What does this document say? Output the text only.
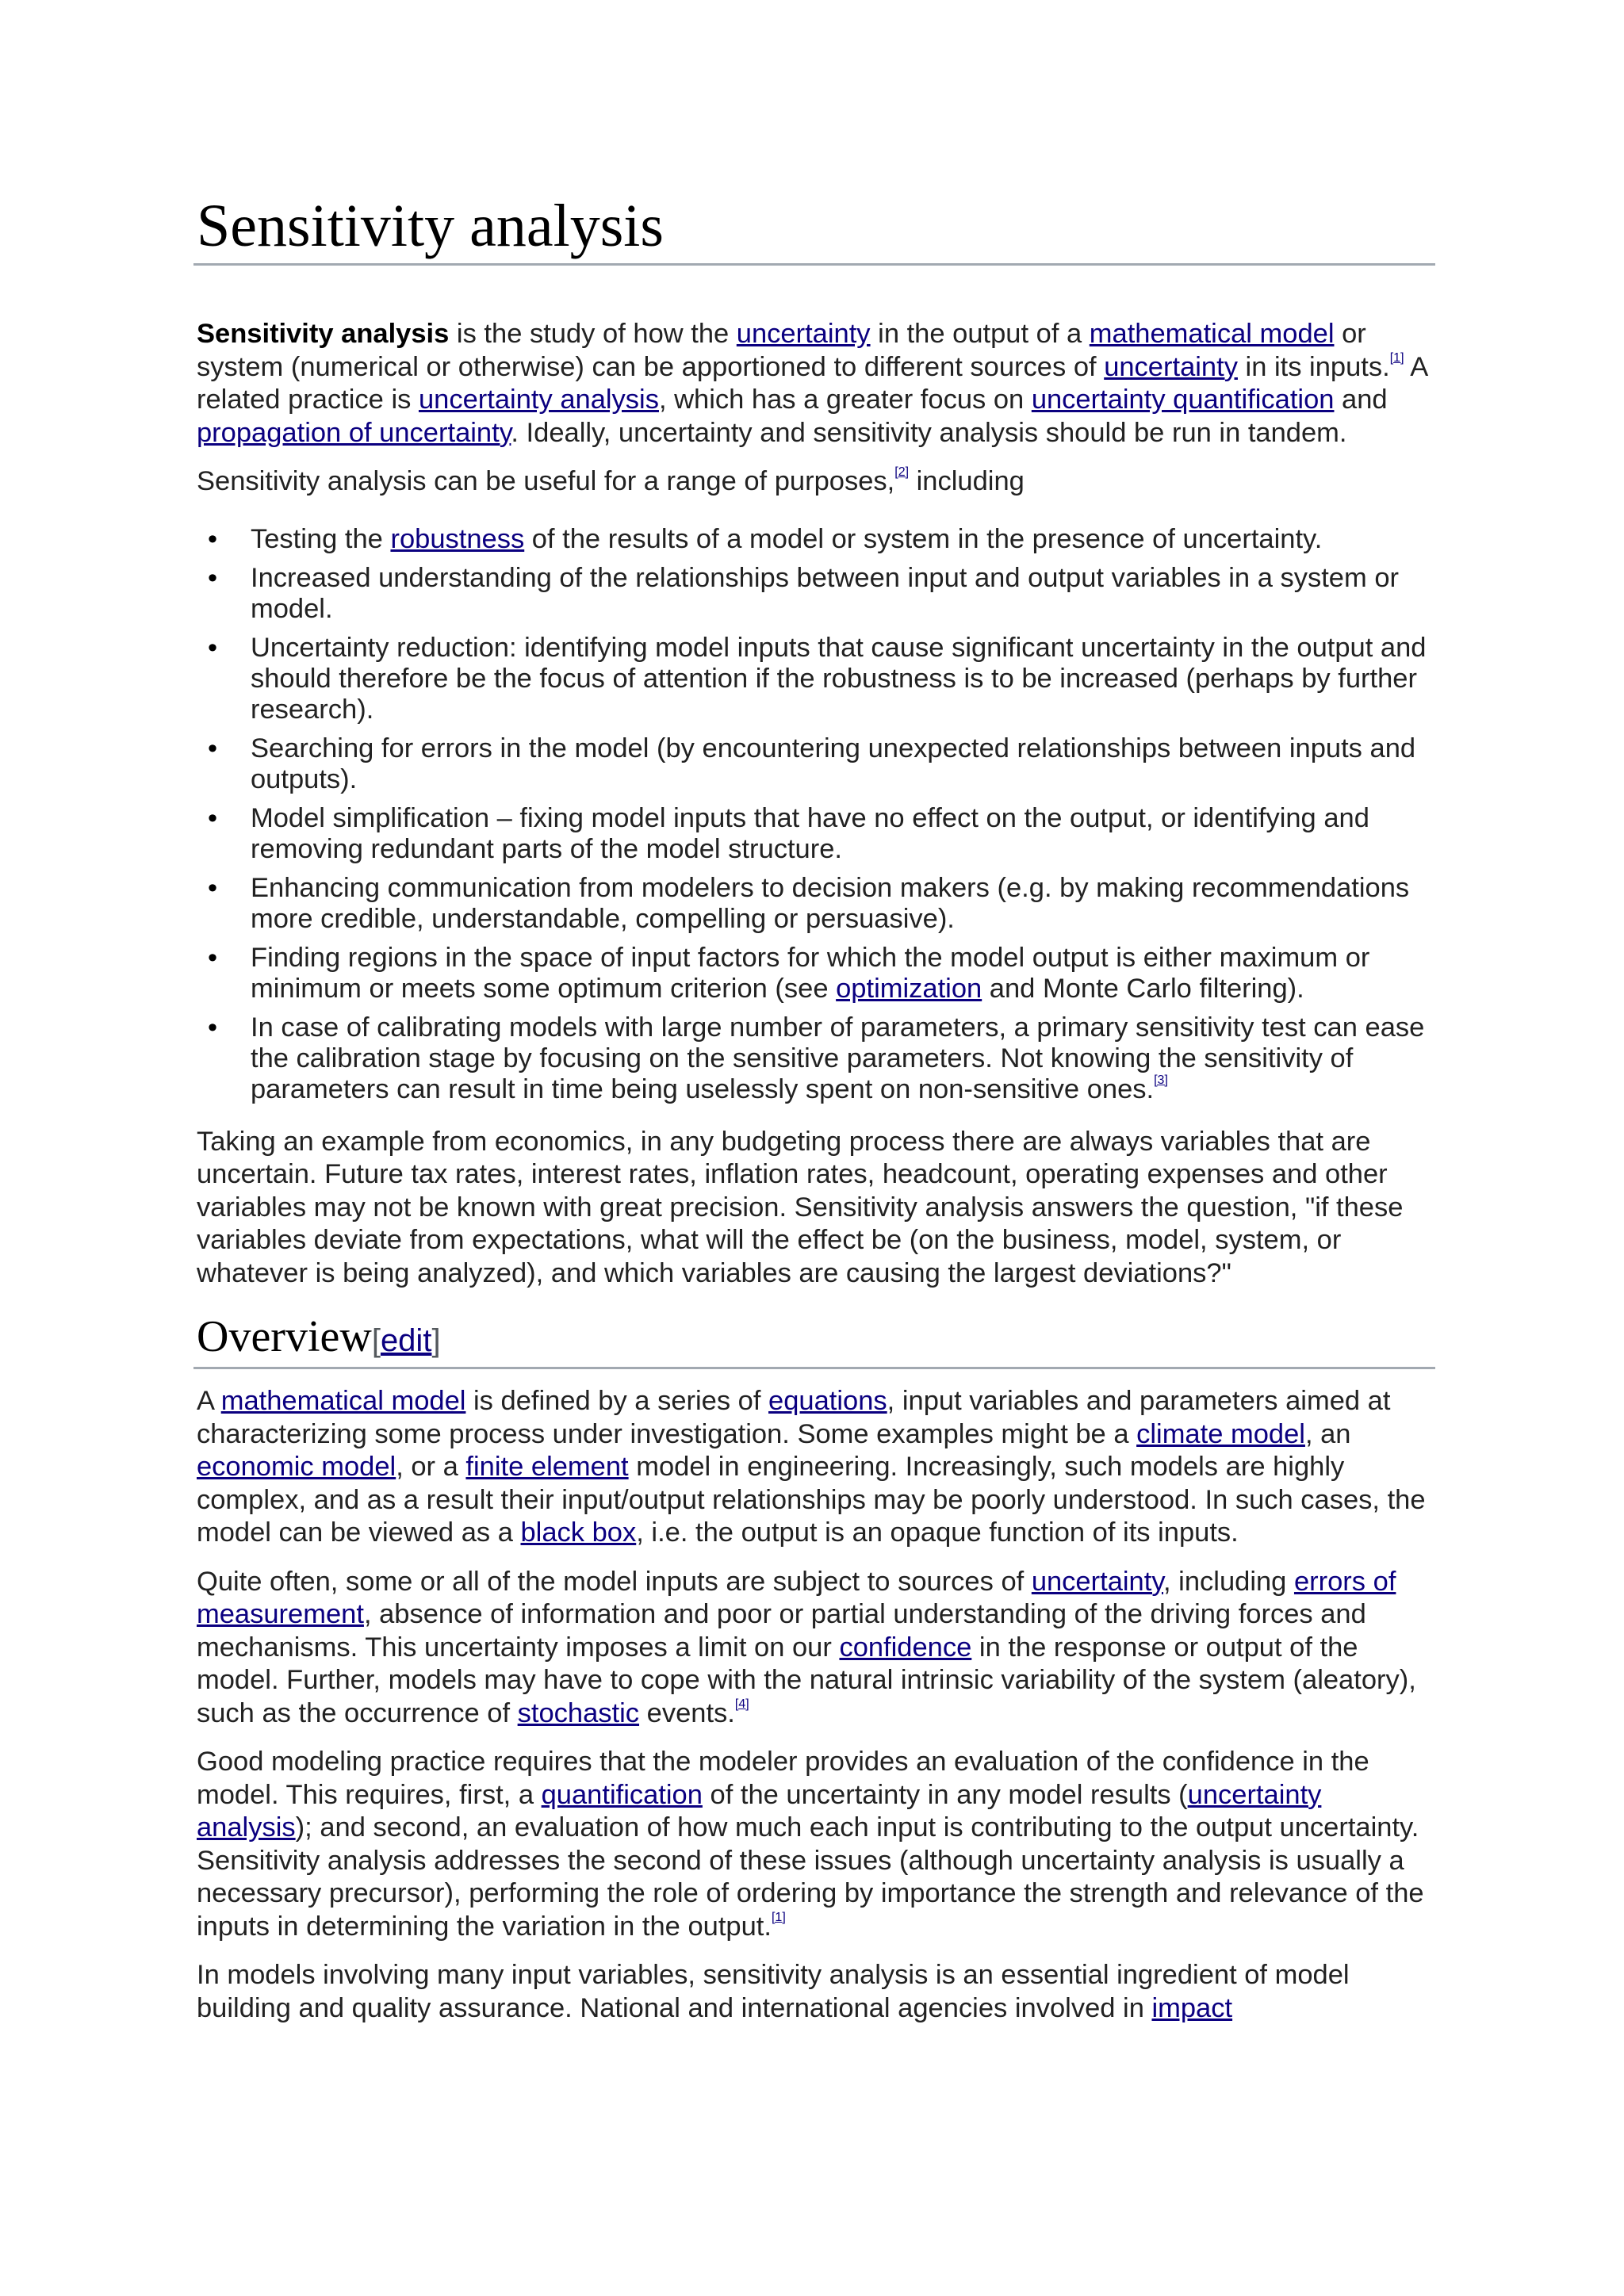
Sensitivity analysis

Sensitivity analysis is the study of how the uncertainty in the output of a mathematical model or system (numerical or otherwise) can be apportioned to different sources of uncertainty in its inputs.[1] A related practice is uncertainty analysis, which has a greater focus on uncertainty quantification and propagation of uncertainty. Ideally, uncertainty and sensitivity analysis should be run in tandem.

Sensitivity analysis can be useful for a range of purposes,[2] including

• Testing the robustness of the results of a model or system in the presence of uncertainty.
• Increased understanding of the relationships between input and output variables in a system or model.
• Uncertainty reduction: identifying model inputs that cause significant uncertainty in the output and should therefore be the focus of attention if the robustness is to be increased (perhaps by further research).
• Searching for errors in the model (by encountering unexpected relationships between inputs and outputs).
• Model simplification – fixing model inputs that have no effect on the output, or identifying and removing redundant parts of the model structure.
• Enhancing communication from modelers to decision makers (e.g. by making recommendations more credible, understandable, compelling or persuasive).
• Finding regions in the space of input factors for which the model output is either maximum or minimum or meets some optimum criterion (see optimization and Monte Carlo filtering).
• In case of calibrating models with large number of parameters, a primary sensitivity test can ease the calibration stage by focusing on the sensitive parameters. Not knowing the sensitivity of parameters can result in time being uselessly spent on non-sensitive ones.[3]

Taking an example from economics, in any budgeting process there are always variables that are uncertain. Future tax rates, interest rates, inflation rates, headcount, operating expenses and other variables may not be known with great precision. Sensitivity analysis answers the question, "if these variables deviate from expectations, what will the effect be (on the business, model, system, or whatever is being analyzed), and which variables are causing the largest deviations?"

Overview[edit]

A mathematical model is defined by a series of equations, input variables and parameters aimed at characterizing some process under investigation. Some examples might be a climate model, an economic model, or a finite element model in engineering. Increasingly, such models are highly complex, and as a result their input/output relationships may be poorly understood. In such cases, the model can be viewed as a black box, i.e. the output is an opaque function of its inputs.

Quite often, some or all of the model inputs are subject to sources of uncertainty, including errors of measurement, absence of information and poor or partial understanding of the driving forces and mechanisms. This uncertainty imposes a limit on our confidence in the response or output of the model. Further, models may have to cope with the natural intrinsic variability of the system (aleatory), such as the occurrence of stochastic events.[4]

Good modeling practice requires that the modeler provides an evaluation of the confidence in the model. This requires, first, a quantification of the uncertainty in any model results (uncertainty analysis); and second, an evaluation of how much each input is contributing to the output uncertainty. Sensitivity analysis addresses the second of these issues (although uncertainty analysis is usually a necessary precursor), performing the role of ordering by importance the strength and relevance of the inputs in determining the variation in the output.[1]

In models involving many input variables, sensitivity analysis is an essential ingredient of model building and quality assurance. National and international agencies involved in impact
